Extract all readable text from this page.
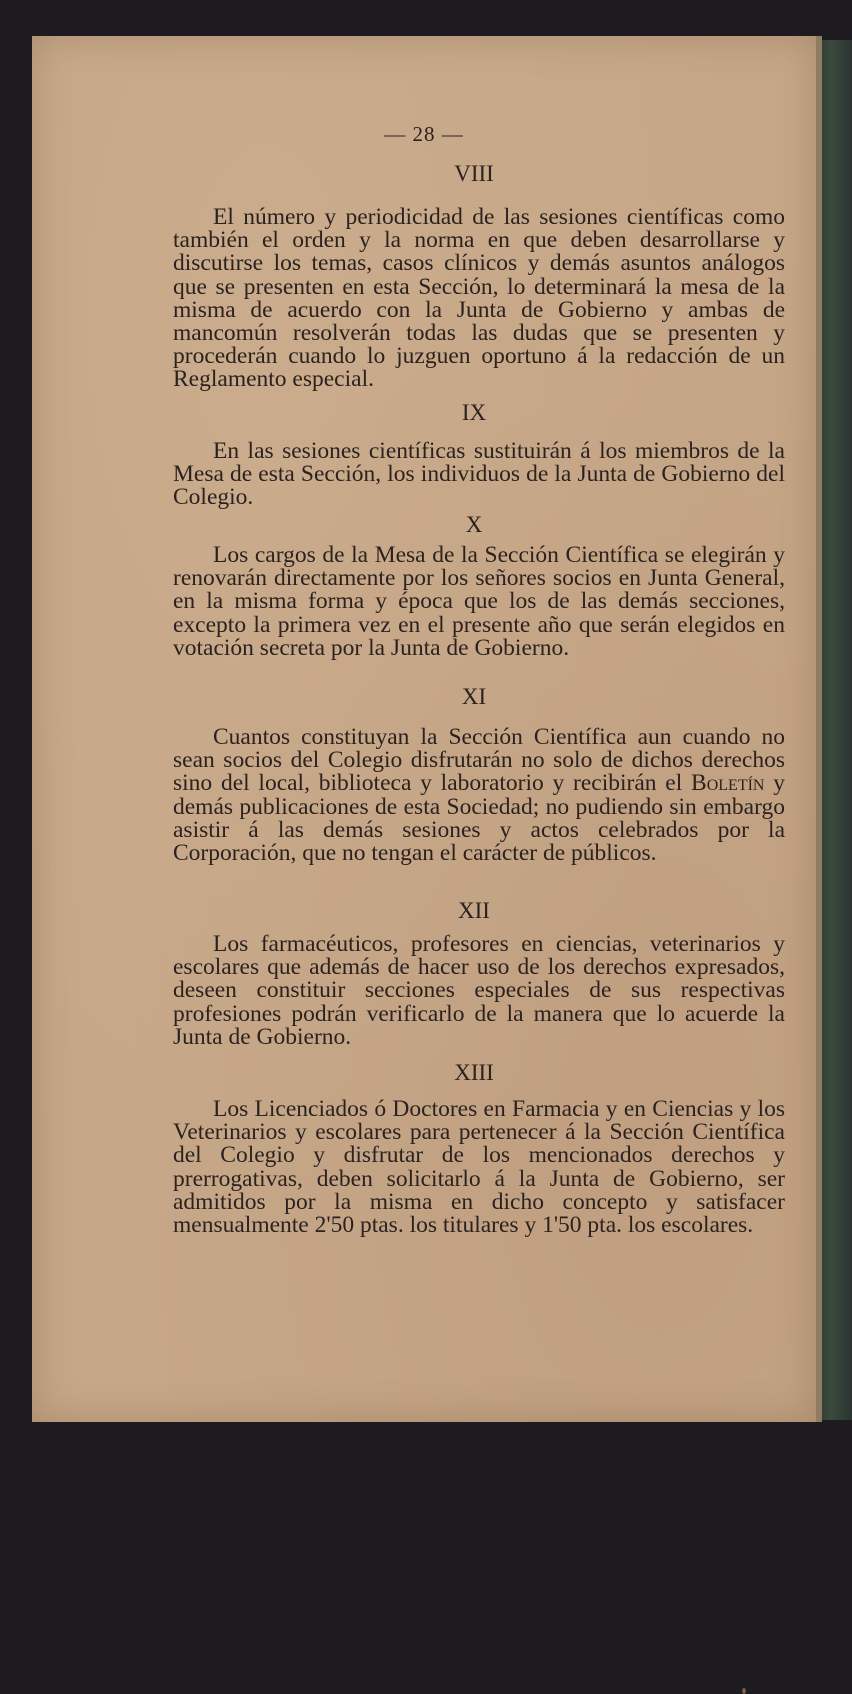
— 28 —
VIII

El número y periodicidad de las sesiones científicas como también el orden y la norma en que deben desarrollarse y discutirse los temas, casos clínicos y demás asuntos análogos que se presenten en esta Sección, lo determinará la mesa de la misma de acuerdo con la Junta de Gobierno y ambas de mancomún resolverán todas las dudas que se presenten y procederán cuando lo juzguen oportuno á la redacción de un Reglamento especial.

IX

En las sesiones científicas sustituirán á los miembros de la Mesa de esta Sección, los individuos de la Junta de Gobierno del Colegio.

X

Los cargos de la Mesa de la Sección Científica se elegirán y renovarán directamente por los señores socios en Junta General, en la misma forma y época que los de las demás secciones, excepto la primera vez en el presente año que serán elegidos en votación secreta por la Junta de Gobierno.

XI

Cuantos constituyan la Sección Científica aun cuando no sean socios del Colegio disfrutarán no solo de dichos derechos sino del local, biblioteca y laboratorio y recibirán el Boletín y demás publicaciones de esta Sociedad; no pudiendo sin embargo asistir á las demás sesiones y actos celebrados por la Corporación, que no tengan el carácter de públicos.

XII

Los farmacéuticos, profesores en ciencias, veterinarios y escolares que además de hacer uso de los derechos expresados, deseen constituir secciones especiales de sus respectivas profesiones podrán verificarlo de la manera que lo acuerde la Junta de Gobierno.

XIII

Los Licenciados ó Doctores en Farmacia y en Ciencias y los Veterinarios y escolares para pertenecer á la Sección Científica del Colegio y disfrutar de los mencionados derechos y prerrogativas, deben solicitarlo á la Junta de Gobierno, ser admitidos por la misma en dicho concepto y satisfacer mensualmente 2'50 ptas. los titulares y 1'50 pta. los escolares.
